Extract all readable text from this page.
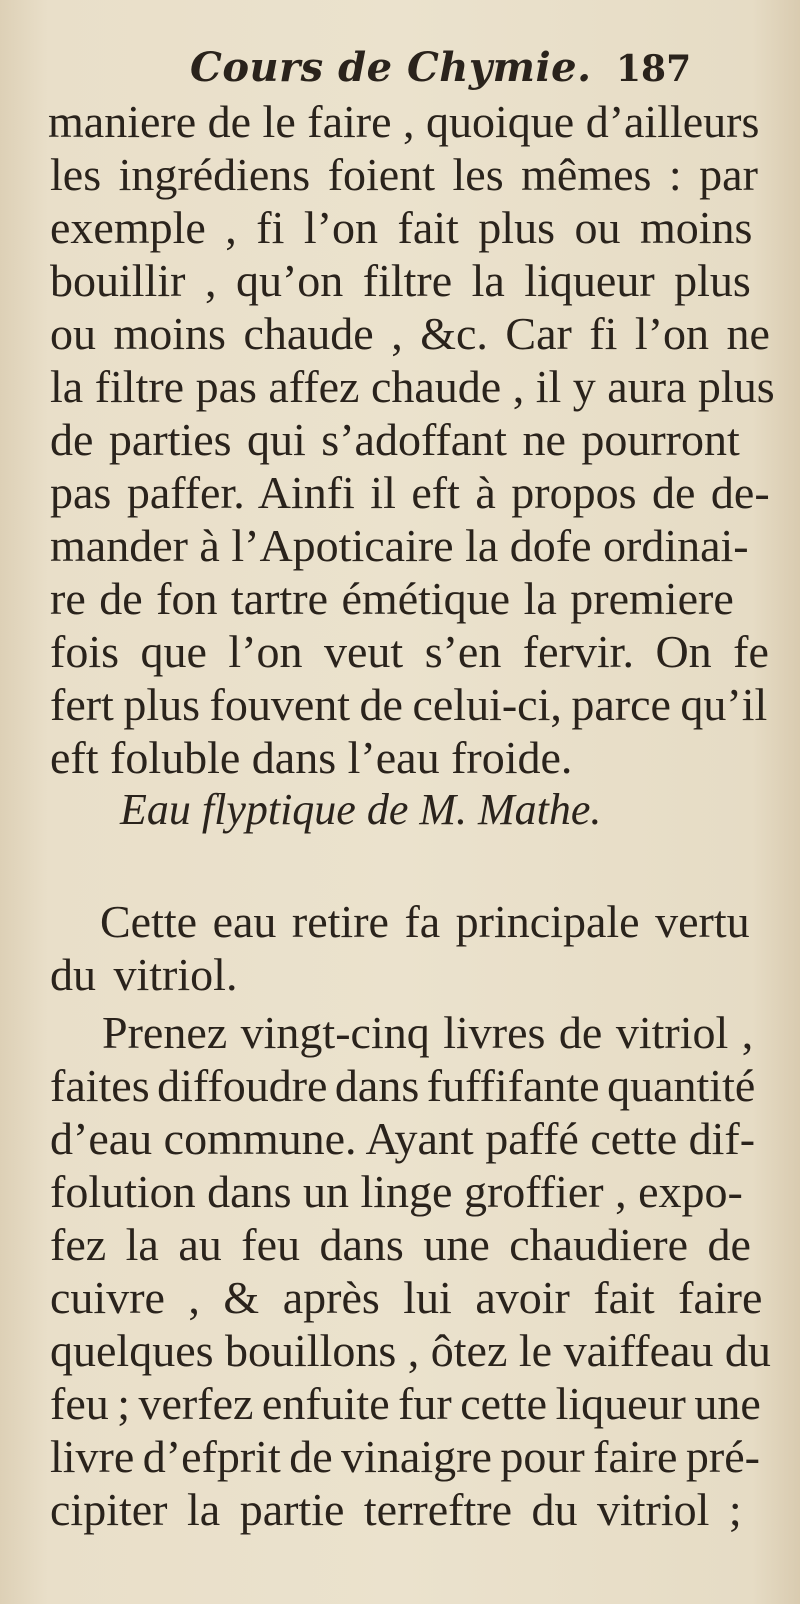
Cours de Chymie. 187
maniere de le faire , quoique d’ailleurs
les ingrédiens foient les mêmes : par
exemple , fi l’on fait plus ou moins
bouillir , qu’on filtre la liqueur plus
ou moins chaude , &c. Car fi l’on ne
la filtre pas affez chaude , il y aura plus
de parties qui s’adoffant ne pourront
pas paffer. Ainfi il eft à propos de de-
mander à l’Apoticaire la dofe ordinai-
re de fon tartre émétique la premiere
fois que l’on veut s’en fervir. On fe
fert plus fouvent de celui-ci, parce qu’il
eft foluble dans l’eau froide.
Eau flyptique de M. Mathe.
Cette eau retire fa principale vertu
du vitriol.
Prenez vingt-cinq livres de vitriol ,
faites diffoudre dans fuffifante quantité
d’eau commune. Ayant paffé cette dif-
folution dans un linge groffier , expo-
fez la au feu dans une chaudiere de
cuivre , & après lui avoir fait faire
quelques bouillons , ôtez le vaiffeau du
feu ; verfez enfuite fur cette liqueur une
livre d’efprit de vinaigre pour faire pré-
cipiter la partie terreftre du vitriol ;
